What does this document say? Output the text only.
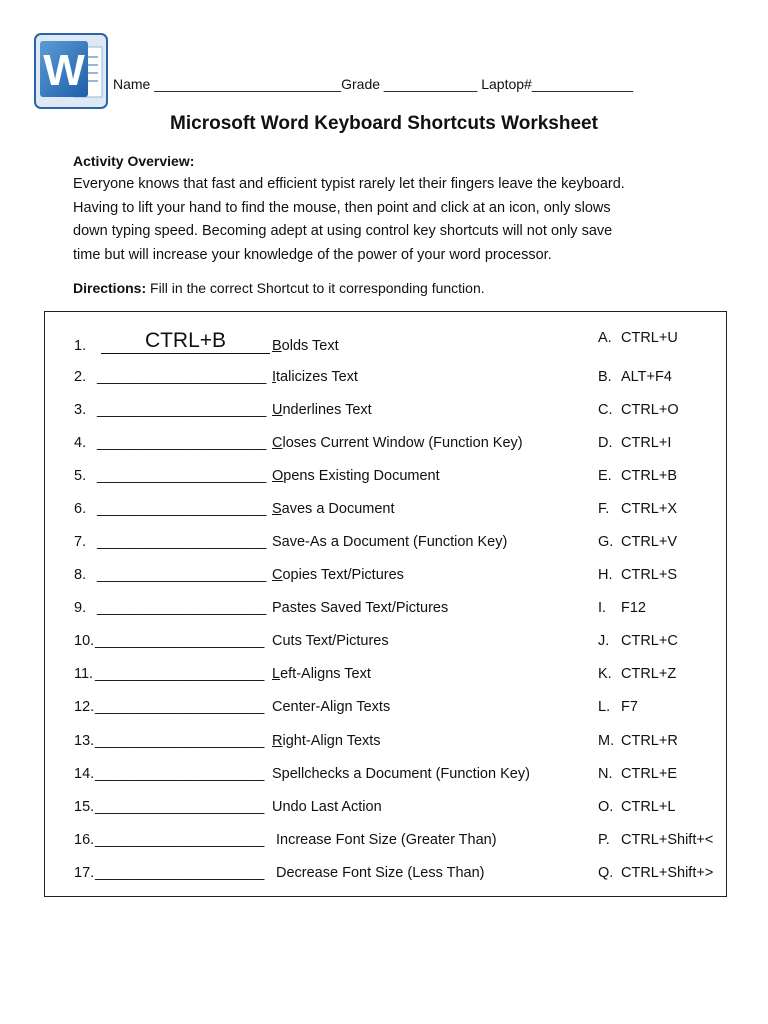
W Name ________________________Grade ____________ Laptop#_____________
Microsoft Word Keyboard Shortcuts Worksheet
Activity Overview:

Everyone knows that fast and efficient typist rarely let their fingers leave the keyboard.

Having to lift your hand to find the mouse, then point and click at an icon, only slows

down typing speed. Becoming adept at using control key shortcuts will not only save

time but will increase your knowledge of the power of your word processor.

Directions: Fill in the correct Shortcut to it corresponding function.
1.	CTRL+B	Bolds Text	A. CTRL+U
2. _____________________ Italicizes Text	B. ALT+F4
3. _____________________ Underlines Text	C. CTRL+O
4. _____________________ Closes Current Window (Function Key)	D. CTRL+I
5. _____________________ Opens Existing Document	E. CTRL+B
6. _____________________ Saves a Document	F. CTRL+X
7. _____________________ Save-As a Document (Function Key)	G. CTRL+V
8. _____________________ Copies Text/Pictures	H. CTRL+S
9. _____________________ Pastes Saved Text/Pictures	I. F12
10. _____________________ Cuts Text/Pictures	J. CTRL+C
11. _____________________ Left-Aligns Text	K. CTRL+Z
12. _____________________ Center-Align Texts	L. F7
13. _____________________ Right-Align Texts	M. CTRL+R
14. _____________________ Spellchecks a Document (Function Key)	N. CTRL+E
15. _____________________ Undo Last Action	O. CTRL+L
16. _____________________ Increase Font Size (Greater Than)	P. CTRL+Shift+<
17. _____________________ Decrease Font Size (Less Than)	Q. CTRL+Shift+>
